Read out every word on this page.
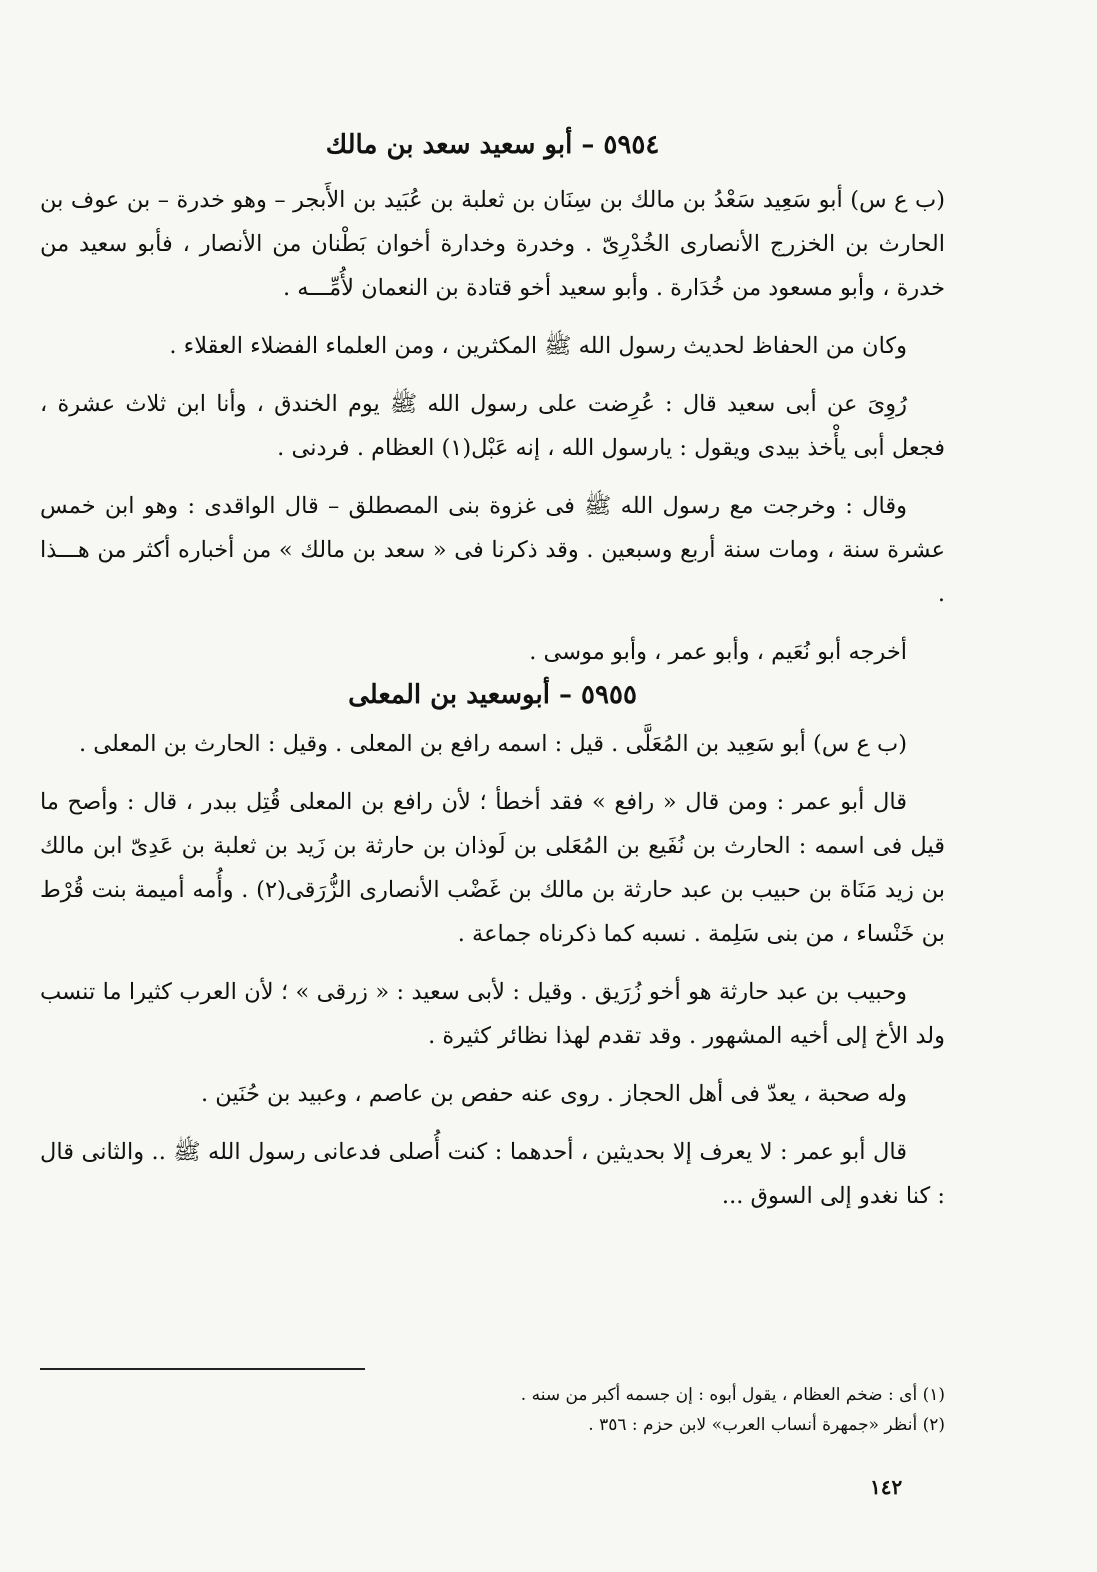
٥٩٥٤ – أبو سعيد سعد بن مالك

(ب ع س) أبو سَعِيد سَعْدُ بن مالك بن سِنَان بن ثعلبة بن عُبَيد بن الأَبجر – وهو خدرة – بن عوف بن الحارث بن الخزرج الأنصارى الخُدْرِىّ . وخدرة وخدارة أخوان بَطْنان من الأنصار ، فأبو سعيد من خدرة ، وأبو مسعود من خُدَارة . وأبو سعيد أخو قتادة بن النعمان لأُمِّـــه .

وكان من الحفاظ لحديث رسول الله ﷺ المكثرين ، ومن العلماء الفضلاء العقلاء .

رُوِىَ عن أبى سعيد قال : عُرِضت على رسول الله ﷺ يوم الخندق ، وأنا ابن ثلاث عشرة ، فجعل أبى يأْخذ بيدى ويقول : يارسول الله ، إنه عَبْل(١) العظام . فردنى .

وقال : وخرجت مع رسول الله ﷺ فى غزوة بنى المصطلق – قال الواقدى : وهو ابن خمس عشرة سنة ، ومات سنة أربع وسبعين . وقد ذكرنا فى « سعد بن مالك » من أخباره أكثر من هـــذا .

أخرجه أبو نُعَيم ، وأبو عمر ، وأبو موسى .

٥٩٥٥ – أبوسعيد بن المعلى

(ب ع س) أبو سَعِيد بن المُعَلَّى . قيل : اسمه رافع بن المعلى . وقيل : الحارث بن المعلى .

قال أبو عمر : ومن قال « رافع » فقد أخطأ ؛ لأن رافع بن المعلى قُتِل ببدر ، قال : وأصح ما قيل فى اسمه : الحارث بن نُفَيع بن المُعَلى بن لَوذان بن حارثة بن زَيد بن ثعلبة بن عَدِىّ ابن مالك بن زيد مَنَاة بن حبيب بن عبد حارثة بن مالك بن غَضْب الأنصارى الزُّرَقى(٢) . وأُمه أميمة بنت قُرْط بن خَنْساء ، من بنى سَلِمة . نسبه كما ذكرناه جماعة .

وحبيب بن عبد حارثة هو أخو زُرَيق . وقيل : لأبى سعيد : « زرقى » ؛ لأن العرب كثيرا ما تنسب ولد الأخ إلى أخيه المشهور . وقد تقدم لهذا نظائر كثيرة .

وله صحبة ، يعدّ فى أهل الحجاز . روى عنه حفص بن عاصم ، وعبيد بن حُنَين .

قال أبو عمر : لا يعرف إلا بحديثين ، أحدهما : كنت أُصلى فدعانى رسول الله ﷺ .. والثانى قال : كنا نغدو إلى السوق ...

(١) أى : ضخم العظام ، يقول أبوه : إن جسمه أكبر من سنه .
(٢) أنظر «جمهرة أنساب العرب» لابن حزم : ٣٥٦ .
١٤٢
